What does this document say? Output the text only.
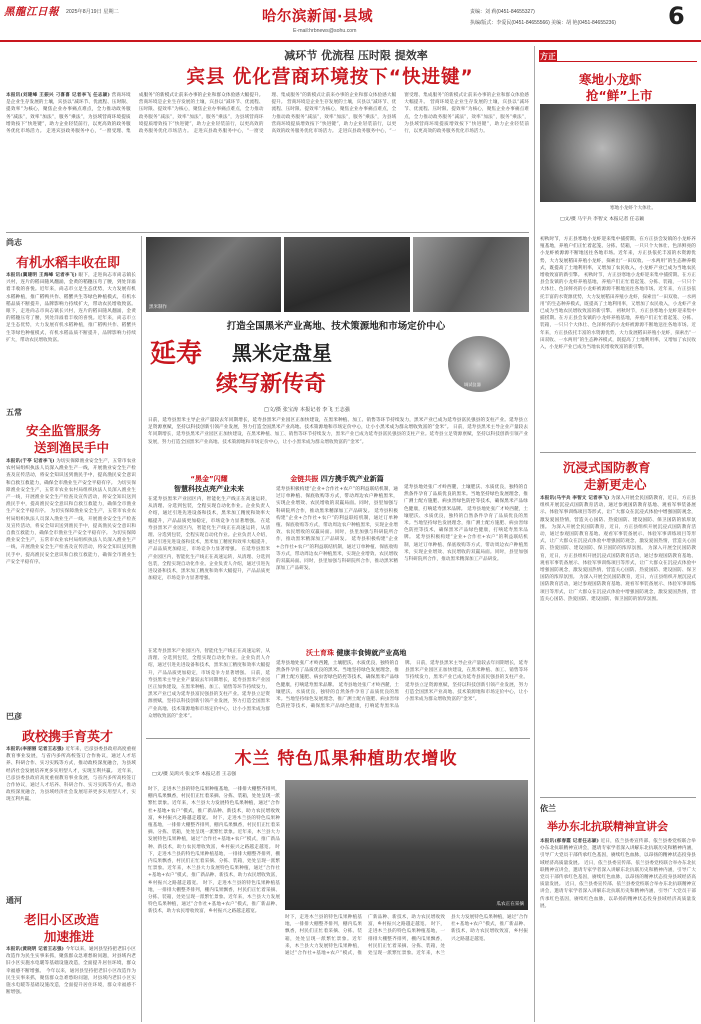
黑龍江日報 2025年8月19日 星期二	哈尔滨新闻·县域
E-mail:hrbnews@sohu.com
责编：刘 莉(0451-84655327)
执编/版式：李爱民(0451-84655566) 美编：胡 艳(0451-84655236) 6
减环节 优流程 压时限 提效率
宾县 优化营商环境按下“快进键”
本报讯(刘建峰 王振兴 刁喜喜 记者李飞 任志颖) 营商环境是企业生存发展的土壤，宾县以“减环节、优流程、压时限、提效率”为核心，聚焦企业办事痛点难点，全力推动政务服务“减法”，效率“加法”，服务“乘法”，为县域营商环境提质增效按下“快进键”，助力企业轻装前行，以更高效的政务服务优化市场活力。 走进宾县政务服务中心，“一窗受理、集成服务”的新模式让前来办事的企业和群众体验感大幅提升。 营商环境是企业生存发展的土壤，宾县以“减环节、优流程、压时限、提效率”为核心，聚焦企业办事痛点难点，全力推动政务服务“减法”，效率“加法”，服务“乘法”，为县域营商环境提质增效按下“快进键”，助力企业轻装前行，以更高效的政务服务优化市场活力。 走进宾县政务服务中心，“一窗受理、集成服务”的新模式让前来办事的企业和群众体验感大幅提升。 营商环境是企业生存发展的土壤，宾县以“减环节、优流程、压时限、提效率”为核心，聚焦企业办事痛点难点，全力推动政务服务“减法”，效率“加法”，服务“乘法”，为县域营商环境提质增效按下“快进键”，助力企业轻装前行，以更高效的政务服务优化市场活力。 走进宾县政务服务中心，“一窗受理、集成服务”的新模式让前来办事的企业和群众体验感大幅提升。 营商环境是企业生存发展的土壤，宾县以“减环节、优流程、压时限、提效率”为核心，聚焦企业办事痛点难点，全力推动政务服务“减法”，效率“加法”，服务“乘法”，为县域营商环境提质增效按下“快进键”，助力企业轻装前行，以更高效的政务服务优化市场活力。
尚志
有机水稻丰收在即
本报讯(冀建明 王海峰 记者李飞) 眼下，走进尚志市尚志镇长兴村，连片的稻田随风翻涌，金黄的稻穗压弯了腰，到处洋溢着丰收的喜悦。近年来，尚志市立足生态优势，大力发展有机水稻种植，推广稻鸭共作、稻蟹共生等绿色种植模式，有机水稻品质不断提升，品牌影响力持续扩大，带动农民增收致富。 眼下，走进尚志市尚志镇长兴村，连片的稻田随风翻涌，金黄的稻穗压弯了腰，到处洋溢着丰收的喜悦。近年来，尚志市立足生态优势，大力发展有机水稻种植，推广稻鸭共作、稻蟹共生等绿色种植模式，有机水稻品质不断提升，品牌影响力持续扩大，带动农民增收致富。
五常
安全监管服务
送到渔民手中
本报讯(于亭 记者李飞) 为切实保障渔业安全生产，五常市农业农村局组织执法人员深入渔业生产一线，开展渔业安全生产检查及宣传活动，将安全知识送到渔民手中，提高渔民安全意识和自救互救能力，确保全市渔业生产安全平稳有序。 为切实保障渔业安全生产，五常市农业农村局组织执法人员深入渔业生产一线，开展渔业安全生产检查及宣传活动，将安全知识送到渔民手中，提高渔民安全意识和自救互救能力，确保全市渔业生产安全平稳有序。 为切实保障渔业安全生产，五常市农业农村局组织执法人员深入渔业生产一线，开展渔业安全生产检查及宣传活动，将安全知识送到渔民手中，提高渔民安全意识和自救互救能力，确保全市渔业生产安全平稳有序。 为切实保障渔业安全生产，五常市农业农村局组织执法人员深入渔业生产一线，开展渔业安全生产检查及宣传活动，将安全知识送到渔民手中，提高渔民安全意识和自救互救能力，确保全市渔业生产安全平稳有序。
巴彦
政校携手育英才
本报讯(李丽丽 记者王志强) 近年来，巴彦县委县政府高度重视教育事业发展，与省内多所高校签订合作协议，通过人才培养、科研合作、实习实践等方式，推动政校深度融合，为县域经济社会发展培养更多实用型人才，实现互利共赢。 近年来，巴彦县委县政府高度重视教育事业发展，与省内多所高校签订合作协议，通过人才培养、科研合作、实习实践等方式，推动政校深度融合，为县域经济社会发展培养更多实用型人才，实现互利共赢。
通河
老旧小区改造
加速推进
本报讯(黄晓明 记者王志强) 今年以来，通河县坚持把老旧小区改造作为民生实事来抓，聚焦群众急难愁盼问题，对县域内老旧小区实施水电暖等基础设施改造，全面提升居住环境，群众幸福感不断增强。 今年以来，通河县坚持把老旧小区改造作为民生实事来抓，聚焦群众急难愁盼问题，对县域内老旧小区实施水电暖等基础设施改造，全面提升居住环境，群众幸福感不断增强。
黑米制作
打造全国黑米产业高地、技术策源地和市场定价中心
延寿 黑米定盘星
续写新传奇	调试仪器
□文/摄 张宝涛 本报记者 李飞 王志强
日前，延寿县黑米主导企业产量较去年同期增长，延寿县黑米产业园区正加快建设，在黑米种植、加工、销售等环节持续发力，黑米产业已成为延寿县富民强县的支柱产业。延寿县立足资源禀赋，坚持以科技创新引领产业发展，努力打造全国黑米产业高地、技术策源地和市场定价中心，让小小黑米成为群众增收致富的“金米”。 日前，延寿县黑米主导企业产量较去年同期增长，延寿县黑米产业园区正加快建设，在黑米种植、加工、销售等环节持续发力，黑米产业已成为延寿县富民强县的支柱产业。延寿县立足资源禀赋，坚持以科技创新引领产业发展，努力打造全国黑米产业高地、技术策源地和市场定价中心，让小小黑米成为群众增收致富的“金米”。
“黑金”闪耀
智慧科技点亮产业未来
在延寿县黑米产业园区内，智能化生产线正在高速运转，从清理、分选到包装，全程实现自动化作业。企业负责人介绍，通过引进先进设备和技术，黑米加工精度和效率大幅提升，产品品质更加稳定，市场竞争力显著增强。 在延寿县黑米产业园区内，智能化生产线正在高速运转，从清理、分选到包装，全程实现自动化作业。企业负责人介绍，通过引进先进设备和技术，黑米加工精度和效率大幅提升，产品品质更加稳定，市场竞争力显著增强。 在延寿县黑米产业园区内，智能化生产线正在高速运转，从清理、分选到包装，全程实现自动化作业。企业负责人介绍，通过引进先进设备和技术，黑米加工精度和效率大幅提升，产品品质更加稳定，市场竞争力显著增强。
金链共振 四方携手筑产业新篇
延寿县积极构建“企业+合作社+农户”的利益联结机制，通过订单种植、保底收购等方式，带动周边农户种植黑米，实现企业增效、农民增收的双赢局面。同时，县里加强与科研院所合作，推动黑米精深加工产品研发。 延寿县积极构建“企业+合作社+农户”的利益联结机制，通过订单种植、保底收购等方式，带动周边农户种植黑米，实现企业增效、农民增收的双赢局面。同时，县里加强与科研院所合作，推动黑米精深加工产品研发。 延寿县积极构建“企业+合作社+农户”的利益联结机制，通过订单种植、保底收购等方式，带动周边农户种植黑米，实现企业增效、农民增收的双赢局面。同时，县里加强与科研院所合作，推动黑米精深加工产品研发。
延寿县地处张广才岭西麓，土壤肥沃、水质优良，独特的自然条件孕育了品质优良的黑米。当地坚持绿色发展理念，推广测土配方施肥、病虫害绿色防控等技术，确保黑米产品绿色健康，打响延寿黑米品牌。 延寿县地处张广才岭西麓，土壤肥沃、水质优良，独特的自然条件孕育了品质优良的黑米。当地坚持绿色发展理念，推广测土配方施肥、病虫害绿色防控等技术，确保黑米产品绿色健康，打响延寿黑米品牌。 延寿县积极构建“企业+合作社+农户”的利益联结机制，通过订单种植、保底收购等方式，带动周边农户种植黑米，实现企业增效、农民增收的双赢局面。同时，县里加强与科研院所合作，推动黑米精深加工产品研发。
在延寿县黑米产业园区内，智能化生产线正在高速运转，从清理、分选到包装，全程实现自动化作业。企业负责人介绍，通过引进先进设备和技术，黑米加工精度和效率大幅提升，产品品质更加稳定，市场竞争力显著增强。 日前，延寿县黑米主导企业产量较去年同期增长，延寿县黑米产业园区正加快建设，在黑米种植、加工、销售等环节持续发力，黑米产业已成为延寿县富民强县的支柱产业。延寿县立足资源禀赋，坚持以科技创新引领产业发展，努力打造全国黑米产业高地、技术策源地和市场定价中心，让小小黑米成为群众增收致富的“金米”。
沃土育珠 健康丰食铸就产业高地
延寿县地处张广才岭西麓，土壤肥沃、水质优良，独特的自然条件孕育了品质优良的黑米。当地坚持绿色发展理念，推广测土配方施肥、病虫害绿色防控等技术，确保黑米产品绿色健康，打响延寿黑米品牌。 延寿县地处张广才岭西麓，土壤肥沃、水质优良，独特的自然条件孕育了品质优良的黑米。当地坚持绿色发展理念，推广测土配方施肥、病虫害绿色防控等技术，确保黑米产品绿色健康，打响延寿黑米品牌。 日前，延寿县黑米主导企业产量较去年同期增长，延寿县黑米产业园区正加快建设，在黑米种植、加工、销售等环节持续发力，黑米产业已成为延寿县富民强县的支柱产业。延寿县立足资源禀赋，坚持以科技创新引领产业发展，努力打造全国黑米产业高地、技术策源地和市场定价中心，让小小黑米成为群众增收致富的“金米”。
木兰 特色瓜果种植助农增收
□文/摄 吴鸿兴 张文华 本报记者 王志强
时下，走进木兰县的特色瓜果种植基地，一排排大棚整齐排列，棚内瓜果飘香，村民们正忙着采摘、分拣、装箱，处处呈现一派繁忙景象。近年来，木兰县大力发展特色瓜果种植，通过“合作社+基地+农户”模式，推广新品种、新技术，助力农民增收致富，乡村振兴之路越走越宽。 时下，走进木兰县的特色瓜果种植基地，一排排大棚整齐排列，棚内瓜果飘香，村民们正忙着采摘、分拣、装箱，处处呈现一派繁忙景象。近年来，木兰县大力发展特色瓜果种植，通过“合作社+基地+农户”模式，推广新品种、新技术，助力农民增收致富，乡村振兴之路越走越宽。 时下，走进木兰县的特色瓜果种植基地，一排排大棚整齐排列，棚内瓜果飘香，村民们正忙着采摘、分拣、装箱，处处呈现一派繁忙景象。近年来，木兰县大力发展特色瓜果种植，通过“合作社+基地+农户”模式，推广新品种、新技术，助力农民增收致富，乡村振兴之路越走越宽。 时下，走进木兰县的特色瓜果种植基地，一排排大棚整齐排列，棚内瓜果飘香，村民们正忙着采摘、分拣、装箱，处处呈现一派繁忙景象。近年来，木兰县大力发展特色瓜果种植，通过“合作社+基地+农户”模式，推广新品种、新技术，助力农民增收致富，乡村振兴之路越走越宽。
瓜农正在采摘
时下，走进木兰县的特色瓜果种植基地，一排排大棚整齐排列，棚内瓜果飘香，村民们正忙着采摘、分拣、装箱，处处呈现一派繁忙景象。近年来，木兰县大力发展特色瓜果种植，通过“合作社+基地+农户”模式，推广新品种、新技术，助力农民增收致富，乡村振兴之路越走越宽。 时下，走进木兰县的特色瓜果种植基地，一排排大棚整齐排列，棚内瓜果飘香，村民们正忙着采摘、分拣、装箱，处处呈现一派繁忙景象。近年来，木兰县大力发展特色瓜果种植，通过“合作社+基地+农户”模式，推广新品种、新技术，助力农民增收致富，乡村振兴之路越走越宽。
方正
寒地小龙虾
抢“鲜”上市
寒地小龙虾个大体壮。
□文/摄 马宇兵 李智文 本报记者 任志颖
初秋时节，方正县寒地小龙虾迎来集中捕捞期。在方正县会发镇的小龙虾养殖基地，养殖户们正忙着起笼、分拣、装箱，一只只个大体壮、色泽鲜亮的小龙虾被源源不断地送往各地市场。近年来，方正县依托丰富的水资源优势，大力发展稻田养殖小龙虾，探索出“一田双收、一水两用”的生态种养模式，既提高了土地利用率，又增加了农民收入，小龙虾产业已成为当地农民增收致富的新引擎。 初秋时节，方正县寒地小龙虾迎来集中捕捞期。在方正县会发镇的小龙虾养殖基地，养殖户们正忙着起笼、分拣、装箱，一只只个大体壮、色泽鲜亮的小龙虾被源源不断地送往各地市场。近年来，方正县依托丰富的水资源优势，大力发展稻田养殖小龙虾，探索出“一田双收、一水两用”的生态种养模式，既提高了土地利用率，又增加了农民收入，小龙虾产业已成为当地农民增收致富的新引擎。 初秋时节，方正县寒地小龙虾迎来集中捕捞期。在方正县会发镇的小龙虾养殖基地，养殖户们正忙着起笼、分拣、装箱，一只只个大体壮、色泽鲜亮的小龙虾被源源不断地送往各地市场。近年来，方正县依托丰富的水资源优势，大力发展稻田养殖小龙虾，探索出“一田双收、一水两用”的生态种养模式，既提高了土地利用率，又增加了农民收入，小龙虾产业已成为当地农民增收致富的新引擎。
沉浸式国防教育
走新更走心
本报讯(马宇兵 李智文 记者李飞) 为深入开展全民国防教育，近日，方正县组织开展沉浸式国防教育活动，通过参观国防教育基地、观看军事装备展示、体验军事训练项目等形式，让广大群众在沉浸式体验中增强国防观念，激发爱国热情，营造关心国防、热爱国防、建设国防、保卫国防的浓厚氛围。 为深入开展全民国防教育，近日，方正县组织开展沉浸式国防教育活动，通过参观国防教育基地、观看军事装备展示、体验军事训练项目等形式，让广大群众在沉浸式体验中增强国防观念，激发爱国热情，营造关心国防、热爱国防、建设国防、保卫国防的浓厚氛围。 为深入开展全民国防教育，近日，方正县组织开展沉浸式国防教育活动，通过参观国防教育基地、观看军事装备展示、体验军事训练项目等形式，让广大群众在沉浸式体验中增强国防观念，激发爱国热情，营造关心国防、热爱国防、建设国防、保卫国防的浓厚氛围。 为深入开展全民国防教育，近日，方正县组织开展沉浸式国防教育活动，通过参观国防教育基地、观看军事装备展示、体验军事训练项目等形式，让广大群众在沉浸式体验中增强国防观念，激发爱国热情，营造关心国防、热爱国防、建设国防、保卫国防的浓厚氛围。
依兰
举办东北抗联精神宣讲会
本报讯(郝春霞 记者任志颖) 近日，依兰县委宣传部、依兰县委党校联合举办东北抗联精神宣讲会，邀请专家学者深入讲解东北抗联历史和精神内涵，引导广大党员干部传承红色基因，赓续红色血脉，以昂扬的精神状态投身县域经济高质量发展。 近日，依兰县委宣传部、依兰县委党校联合举办东北抗联精神宣讲会，邀请专家学者深入讲解东北抗联历史和精神内涵，引导广大党员干部传承红色基因，赓续红色血脉，以昂扬的精神状态投身县域经济高质量发展。 近日，依兰县委宣传部、依兰县委党校联合举办东北抗联精神宣讲会，邀请专家学者深入讲解东北抗联历史和精神内涵，引导广大党员干部传承红色基因，赓续红色血脉，以昂扬的精神状态投身县域经济高质量发展。
